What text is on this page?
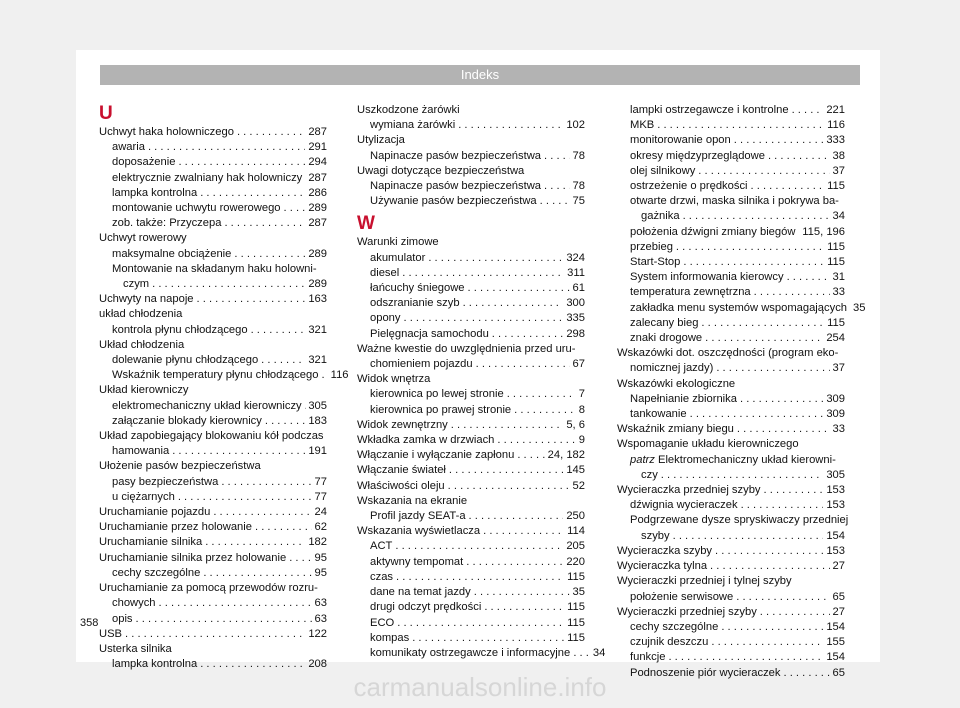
Indeks
U
Uchwyt haka holowniczego . . .	287
awaria . . .	291
doposażenie . . .	294
elektrycznie zwalniany hak holowniczy . . . 287
lampka kontrolna . . .	286
montowanie uchwytu rowerowego . . . 289
zob. także: Przyczepa . . .	287
Uchwyt rowerowy
maksymalne obciążenie . . .	289
Montowanie na składanym haku holowni-
czym . . .	289
Uchwyty na napoje . . .	163
układ chłodzenia
kontrola płynu chłodzącego . . .	321
Układ chłodzenia
dolewanie płynu chłodzącego . . .	321
Wskaźnik temperatury płynu chłodzącego . 116
Układ kierowniczy
elektromechaniczny układ kierowniczy . . . 305
załączanie blokady kierownicy . . .	183
Układ zapobiegający blokowaniu kół podczas
hamowania . . .	191
Ułożenie pasów bezpieczeństwa
pasy bezpieczeństwa . . .	77
u ciężarnych . . .	77
Uruchamianie pojazdu . . .	24
Uruchamianie przez holowanie . . .	62
Uruchamianie silnika . . .	182
Uruchamianie silnika przez holowanie . . .	95
cechy szczególne . . .	95
Uruchamianie za pomocą przewodów rozru-
chowych . . .	63
opis . . .	63
USB . . .	122
Usterka silnika
lampka kontrolna . . .	208
Uszkodzone żarówki
wymiana żarówki . . .	102
Utylizacja
Napinacze pasów bezpieczeństwa . . .	78
Uwagi dotyczące bezpieczeństwa
Napinacze pasów bezpieczeństwa . . .	78
Używanie pasów bezpieczeństwa . . .	75
W
Warunki zimowe
akumulator . . .	324
diesel . . .	311
łańcuchy śniegowe . . .	61
odszranianie szyb . . .	300
opony . . .	335
Pielęgnacja samochodu . . .	298
Ważne kwestie do uwzględnienia przed uru-
chomieniem pojazdu . . .	67
Widok wnętrza
kierownica po lewej stronie . . .	7
kierownica po prawej stronie . . .	8
Widok zewnętrzny . . .	5, 6
Wkładka zamka w drzwiach . . .	9
Włączanie i wyłączanie zapłonu . . .	24, 182
Włączanie świateł . . .	145
Właściwości oleju . . .	52
Wskazania na ekranie
Profil jazdy SEAT-a . . .	250
Wskazania wyświetlacza . . .	114
ACT . . .	205
aktywny tempomat . . .	220
czas . . .	115
dane na temat jazdy . . .	35
drugi odczyt prędkości . . .	115
ECO . . .	115
kompas . . .	115
komunikaty ostrzegawcze i informacyjne . . . 34
lampki ostrzegawcze i kontrolne . . .	221
MKB . . .	116
monitorowanie opon . . .	333
okresy międzyprzeglądowe . . .	38
olej silnikowy . . .	37
ostrzeżenie o prędkości . . .	115
otwarte drzwi, maska silnika i pokrywa ba-
gażnika . . .	34
położenia dźwigni zmiany biegów . . . 115, 196
przebieg . . .	115
Start-Stop . . .	115
System informowania kierowcy . . .	31
temperatura zewnętrzna . . .	33
zakładka menu systemów wspomagających 35
zalecany bieg . . .	115
znaki drogowe . . .	254
Wskazówki dot. oszczędności (program eko-
nomicznej jazdy) . . .	37
Wskazówki ekologiczne
Napełnianie zbiornika . . .	309
tankowanie . . .	309
Wskaźnik zmiany biegu . . .	33
Wspomaganie układu kierowniczego
patrz Elektromechaniczny układ kierowni-
czy . . .	305
Wycieraczka przedniej szyby . . .	153
dźwignia wycieraczek . . .	153
Podgrzewane dysze spryskiwaczy przedniej
szyby . . .	154
Wycieraczka szyby . . .	153
Wycieraczka tylna . . .	27
Wycieraczki przedniej i tylnej szyby
położenie serwisowe . . .	65
Wycieraczki przedniej szyby . . .	27
cechy szczególne . . .	154
czujnik deszczu . . .	155
funkcje . . .	154
Podnoszenie piór wycieraczek . . .	65
358
carmanualsonline.info
